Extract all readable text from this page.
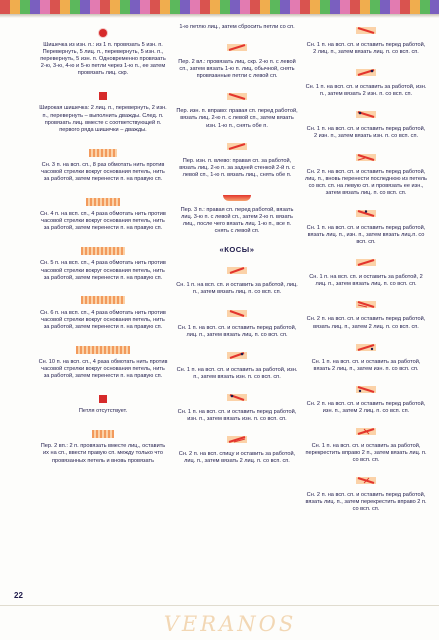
Шишечка из изн. п.: из 1 п. провязать 5 изн. п. Перевернуть, 5 лиц. п., перевернуть, 5 изн. п., перевернуть, 5 изн. п. Одновременно провязать 2-ю, 3-ю, 4-ю и 5-ю петли через 1-ю п., ее затем провязать лиц. скр.

Широкая шишечка: 2 лиц. п., перевернуть, 2 изн. п., перевернуть – выполнить дважды. След. п. провязать лиц. вместе с соответствующей п. первого ряда шишечки – дважды.

Сн. 3 п. на всп. сп., 8 раз обмотать нить против часовой стрелки вокруг основания петель, нить за работой, затем перенести п. на правую сп.

Сн. 4 п. на всп. сп., 4 раза обмотать нить против часовой стрелки вокруг основания петель, нить за работой, затем перенести п. на правую сп.

Сн. 5 п. на всп. сп., 4 раза обмотать нить против часовой стрелки вокруг основания петель, нить за работой, затем перенести п. на правую сп.

Сн. 6 п. на всп. сп., 4 раза обмотать нить против часовой стрелки вокруг основания петель, нить за работой, затем перенести п. на правую сп.

Сн. 10 п. на всп. сп., 4 раза обмотать нить против часовой стрелки вокруг основания петель, нить за работой, затем перенести п. на правую сп.

Петля отсутствует.

Пер. 2 вп.: 2 п. провязать вместе лиц., оставить их на сп., ввести правую сп. между только что провязанных петель и вновь провязать

1-ю петлю лиц., затем сбросить петли со сп.

Пер. 2 вл.: провязать лиц. скр. 2-ю п. с левой сп., затем вязать 1-ю п. лиц. обычной, снять провязанные петли с левой сп.

Пер. изн. п. вправо: правая сп. перед работой, вязать лиц. 2-ю п. с левой сп., затем вязать изн. 1-ю п., снять обе п.

Пер. изн. п. влево: правая сп. за работой, вязать лиц. 2-ю п. за задней стенкой 2-й п. с левой сп., 1-ю п. вязать лиц., снять обе п.

Пер. 3 п.: правая сп. перед работой, вязать лиц. 3-ю п. с левой сп., затем 2-ю п. вязать лиц., после чего вязать лиц. 1-ю п., все п. снять с левой сп.

«КОСЫ»

Сн. 1 п. на всп. сп. и оставить за работой, лиц. п., затем вязать лиц. п. со всп. сп.

Сн. 1 п. на всп. сп. и оставить перед работой, лиц. п., затем вязать лиц. п. со всп. сп.

Сн. 1 п. на всп. сп. и оставить за работой, изн. п., затем вязать изн. п. со всп. сп.

Сн. 1 п. на всп. сп. и оставить перед работой, изн. п., затем вязать изн. п. со всп. сп.

Сн. 2 п. на всп. спицу и оставить за работой, лиц. п., затем вязать 2 лиц. п. со всп. сп.

Сн. 1 п. на всп. сп. и оставить перед работой, 2 лиц. п., затем вязать лиц. п. со всп. сп.

Сн. 1 п. на всп. сп. и оставить за работой, изн. п., затем вязать 2 изн. п. со всп. сп.

Сн. 1 п. на всп. сп. и оставить перед работой, 2 изн. п., затем вязать изн. п. со всп. сп.

Сн. 2 п. на всп. сп. и оставить перед работой, лиц. п., вновь перенести последнюю из петель со всп. сп. на левую сп. и провязать ее изн., затем вязать лиц. п. со всп. сп.

Сн. 1 п. на всп. сп. и оставить перед работой, вязать лиц. п., изн. п., затем вязать лиц.п. со всп. сп.

Сн. 1 п. на всп. сп. и оставить за работой, 2 лиц. п., затем вязать лиц. п. со всп. сп.

Сн. 2 п. на всп. сп. и оставить перед работой, вязать лиц. п., затем 2 лиц. п. со всп. сп.

Сн. 1 п. на всп. сп. и оставить за работой, вязать 2 лиц. п., затем изн. п. со всп. сп.

Сн. 2 п. на всп. сп. и оставить перед работой, изн. п., затем 2 лиц. п. со всп. сп.

Сн. 1 п. на всп. сп. и оставить за работой, перекрестить вправо 2 п., затем вязать лиц. п. со всп. сп.

Сн. 2 п. на всп. сп. и оставить перед работой, вязать лиц. п., затем перекрестить вправо 2 п. со всп. сп.

22
VERANOS
